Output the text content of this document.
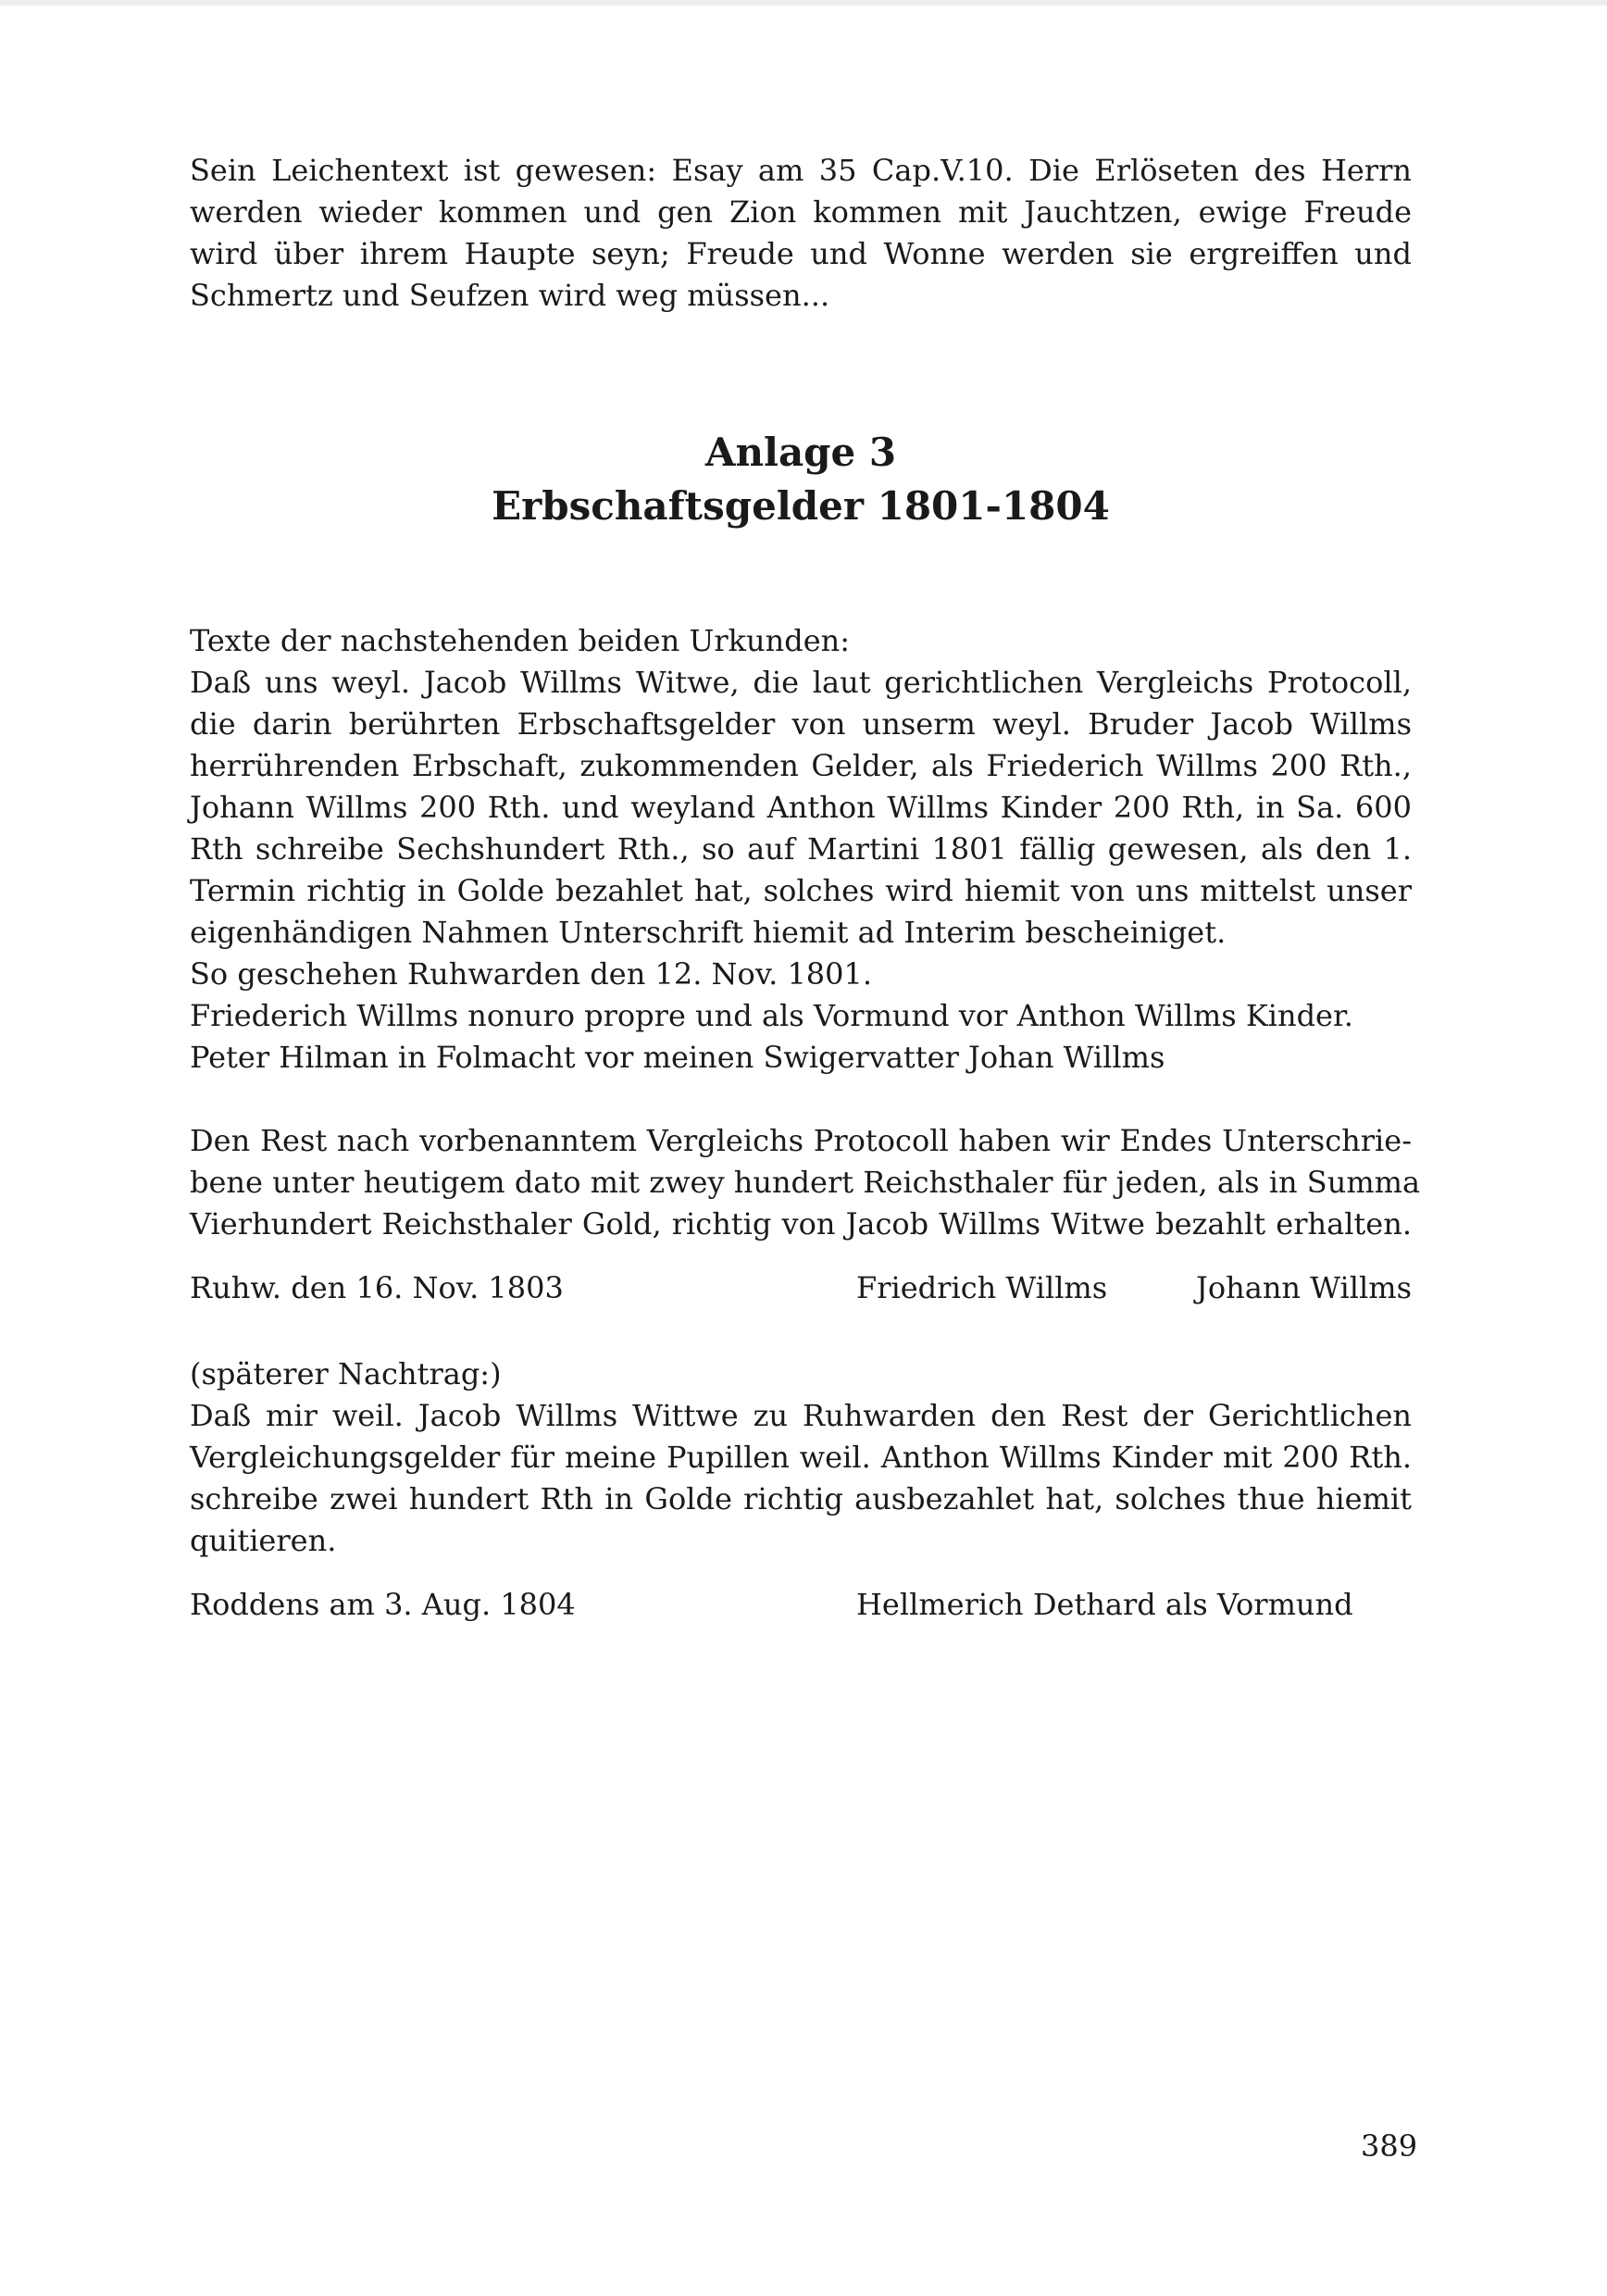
Sein Leichentext ist gewesen: Esay am 35 Cap.V.10. Die Erlöseten des Herrn
werden wieder kommen und gen Zion kommen mit Jauchtzen, ewige Freude
wird über ihrem Haupte seyn; Freude und Wonne werden sie ergreiffen und
Schmertz und Seufzen wird weg müssen...

Anlage 3
Erbschaftsgelder 1801-1804

Texte der nachstehenden beiden Urkunden:
Daß uns weyl. Jacob Willms Witwe, die laut gerichtlichen Vergleichs Protocoll,
die darin berührten Erbschaftsgelder von unserm weyl. Bruder Jacob Willms
herrührenden Erbschaft, zukommenden Gelder, als Friederich Willms 200 Rth.,
Johann Willms 200 Rth. und weyland Anthon Willms Kinder 200 Rth, in Sa. 600
Rth schreibe Sechshundert Rth., so auf Martini 1801 fällig gewesen, als den 1.
Termin richtig in Golde bezahlet hat, solches wird hiemit von uns mittelst unser
eigenhändigen Nahmen Unterschrift hiemit ad Interim bescheiniget.
So geschehen Ruhwarden den 12. Nov. 1801.
Friederich Willms nonuro propre und als Vormund vor Anthon Willms Kinder.
Peter Hilman in Folmacht vor meinen Swigervatter Johan Willms

Den Rest nach vorbenanntem Vergleichs Protocoll haben wir Endes Unterschrie-
bene unter heutigem dato mit zwey hundert Reichsthaler für jeden, als in Summa
Vierhundert Reichsthaler Gold, richtig von Jacob Willms Witwe bezahlt erhalten.

Ruhw. den 16. Nov. 1803	Friedrich Willms	Johann Willms

(späterer Nachtrag:)
Daß mir weil. Jacob Willms Wittwe zu Ruhwarden den Rest der Gerichtlichen
Vergleichungsgelder für meine Pupillen weil. Anthon Willms Kinder mit 200 Rth.
schreibe zwei hundert Rth in Golde richtig ausbezahlet hat, solches thue hiemit
quitieren.

Roddens am 3. Aug. 1804	Hellmerich Dethard als Vormund
389
